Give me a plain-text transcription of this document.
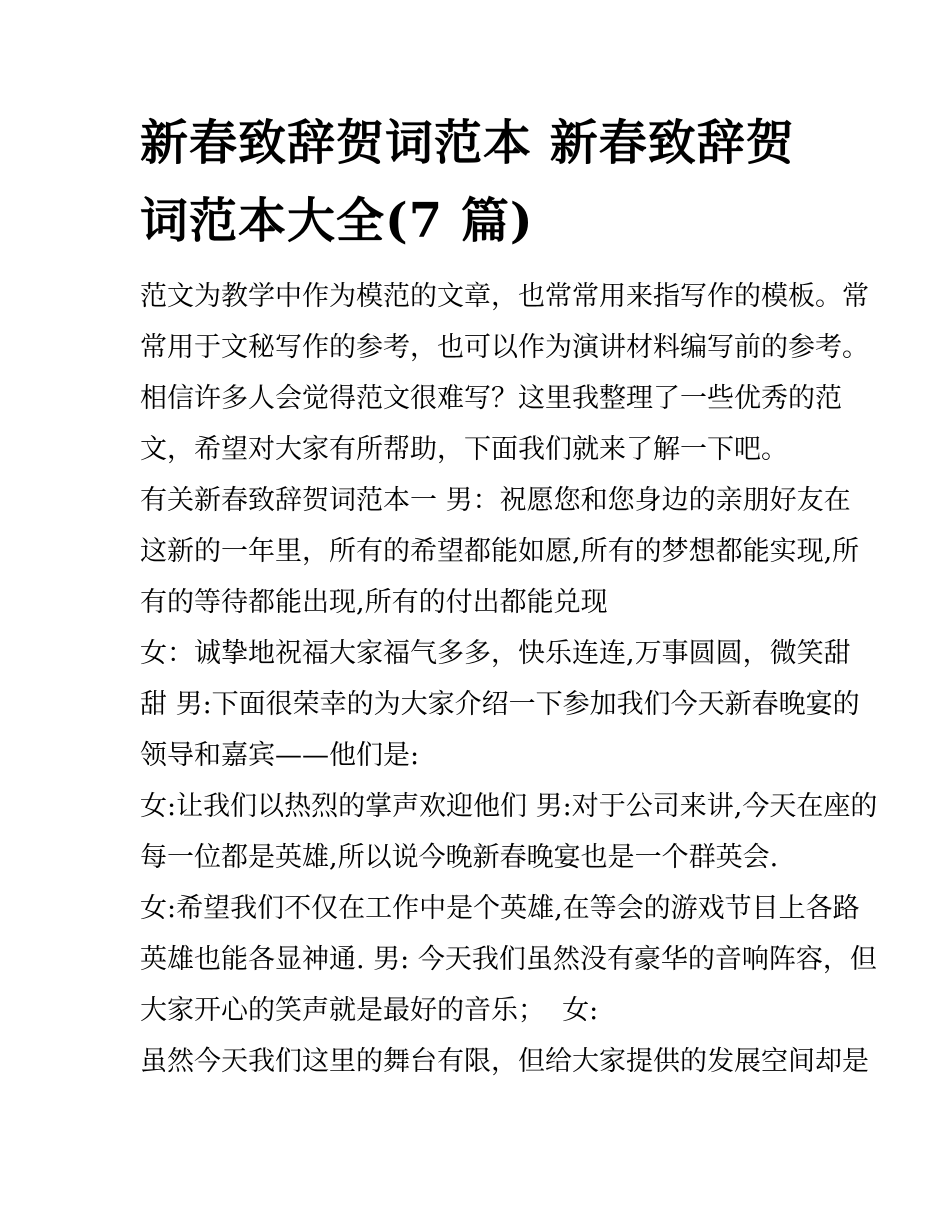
新春致辞贺词范本 新春致辞贺
词范本大全(7 篇)
范文为教学中作为模范的文章，也常常用来指写作的模板。常
常用于文秘写作的参考，也可以作为演讲材料编写前的参考。
相信许多人会觉得范文很难写？这里我整理了一些优秀的范
文，希望对大家有所帮助，下面我们就来了解一下吧。
有关新春致辞贺词范本一 男：祝愿您和您身边的亲朋好友在
这新的一年里，所有的希望都能如愿,所有的梦想都能实现,所
有的等待都能出现,所有的付出都能兑现
女：诚挚地祝福大家福气多多，快乐连连,万事圆圆，微笑甜
甜 男:下面很荣幸的为大家介绍一下参加我们今天新春晚宴的
领导和嘉宾——他们是:
女:让我们以热烈的掌声欢迎他们 男:对于公司来讲,今天在座的
每一位都是英雄,所以说今晚新春晚宴也是一个群英会.
女:希望我们不仅在工作中是个英雄,在等会的游戏节目上各路
英雄也能各显神通. 男: 今天我们虽然没有豪华的音响阵容，但
大家开心的笑声就是最好的音乐；  女:
虽然今天我们这里的舞台有限，但给大家提供的发展空间却是
